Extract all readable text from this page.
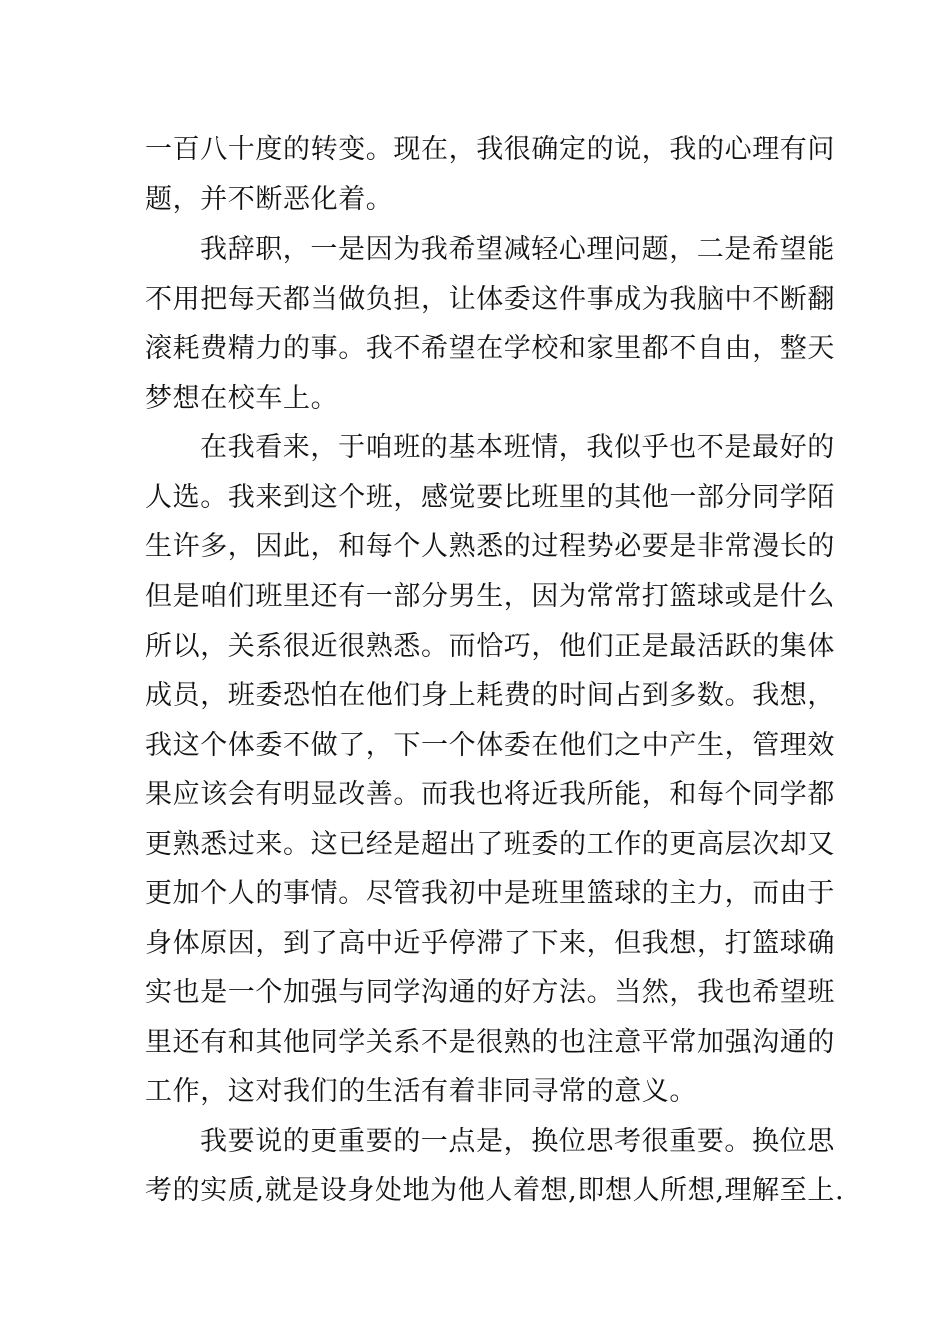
一百八十度的转变。现在，我很确定的说，我的心理有问
题，并不断恶化着。
我辞职，一是因为我希望减轻心理问题，二是希望能
不用把每天都当做负担，让体委这件事成为我脑中不断翻
滚耗费精力的事。我不希望在学校和家里都不自由，整天
梦想在校车上。
在我看来，于咱班的基本班情，我似乎也不是最好的
人选。我来到这个班，感觉要比班里的其他一部分同学陌
生许多，因此，和每个人熟悉的过程势必要是非常漫长的
但是咱们班里还有一部分男生，因为常常打篮球或是什么
所以，关系很近很熟悉。而恰巧，他们正是最活跃的集体
成员，班委恐怕在他们身上耗费的时间占到多数。我想，
我这个体委不做了，下一个体委在他们之中产生，管理效
果应该会有明显改善。而我也将近我所能，和每个同学都
更熟悉过来。这已经是超出了班委的工作的更高层次却又
更加个人的事情。尽管我初中是班里篮球的主力，而由于
身体原因，到了高中近乎停滞了下来，但我想，打篮球确
实也是一个加强与同学沟通的好方法。当然，我也希望班
里还有和其他同学关系不是很熟的也注意平常加强沟通的
工作，这对我们的生活有着非同寻常的意义。
我要说的更重要的一点是，换位思考很重要。换位思
考的实质,就是设身处地为他人着想,即想人所想,理解至上.
